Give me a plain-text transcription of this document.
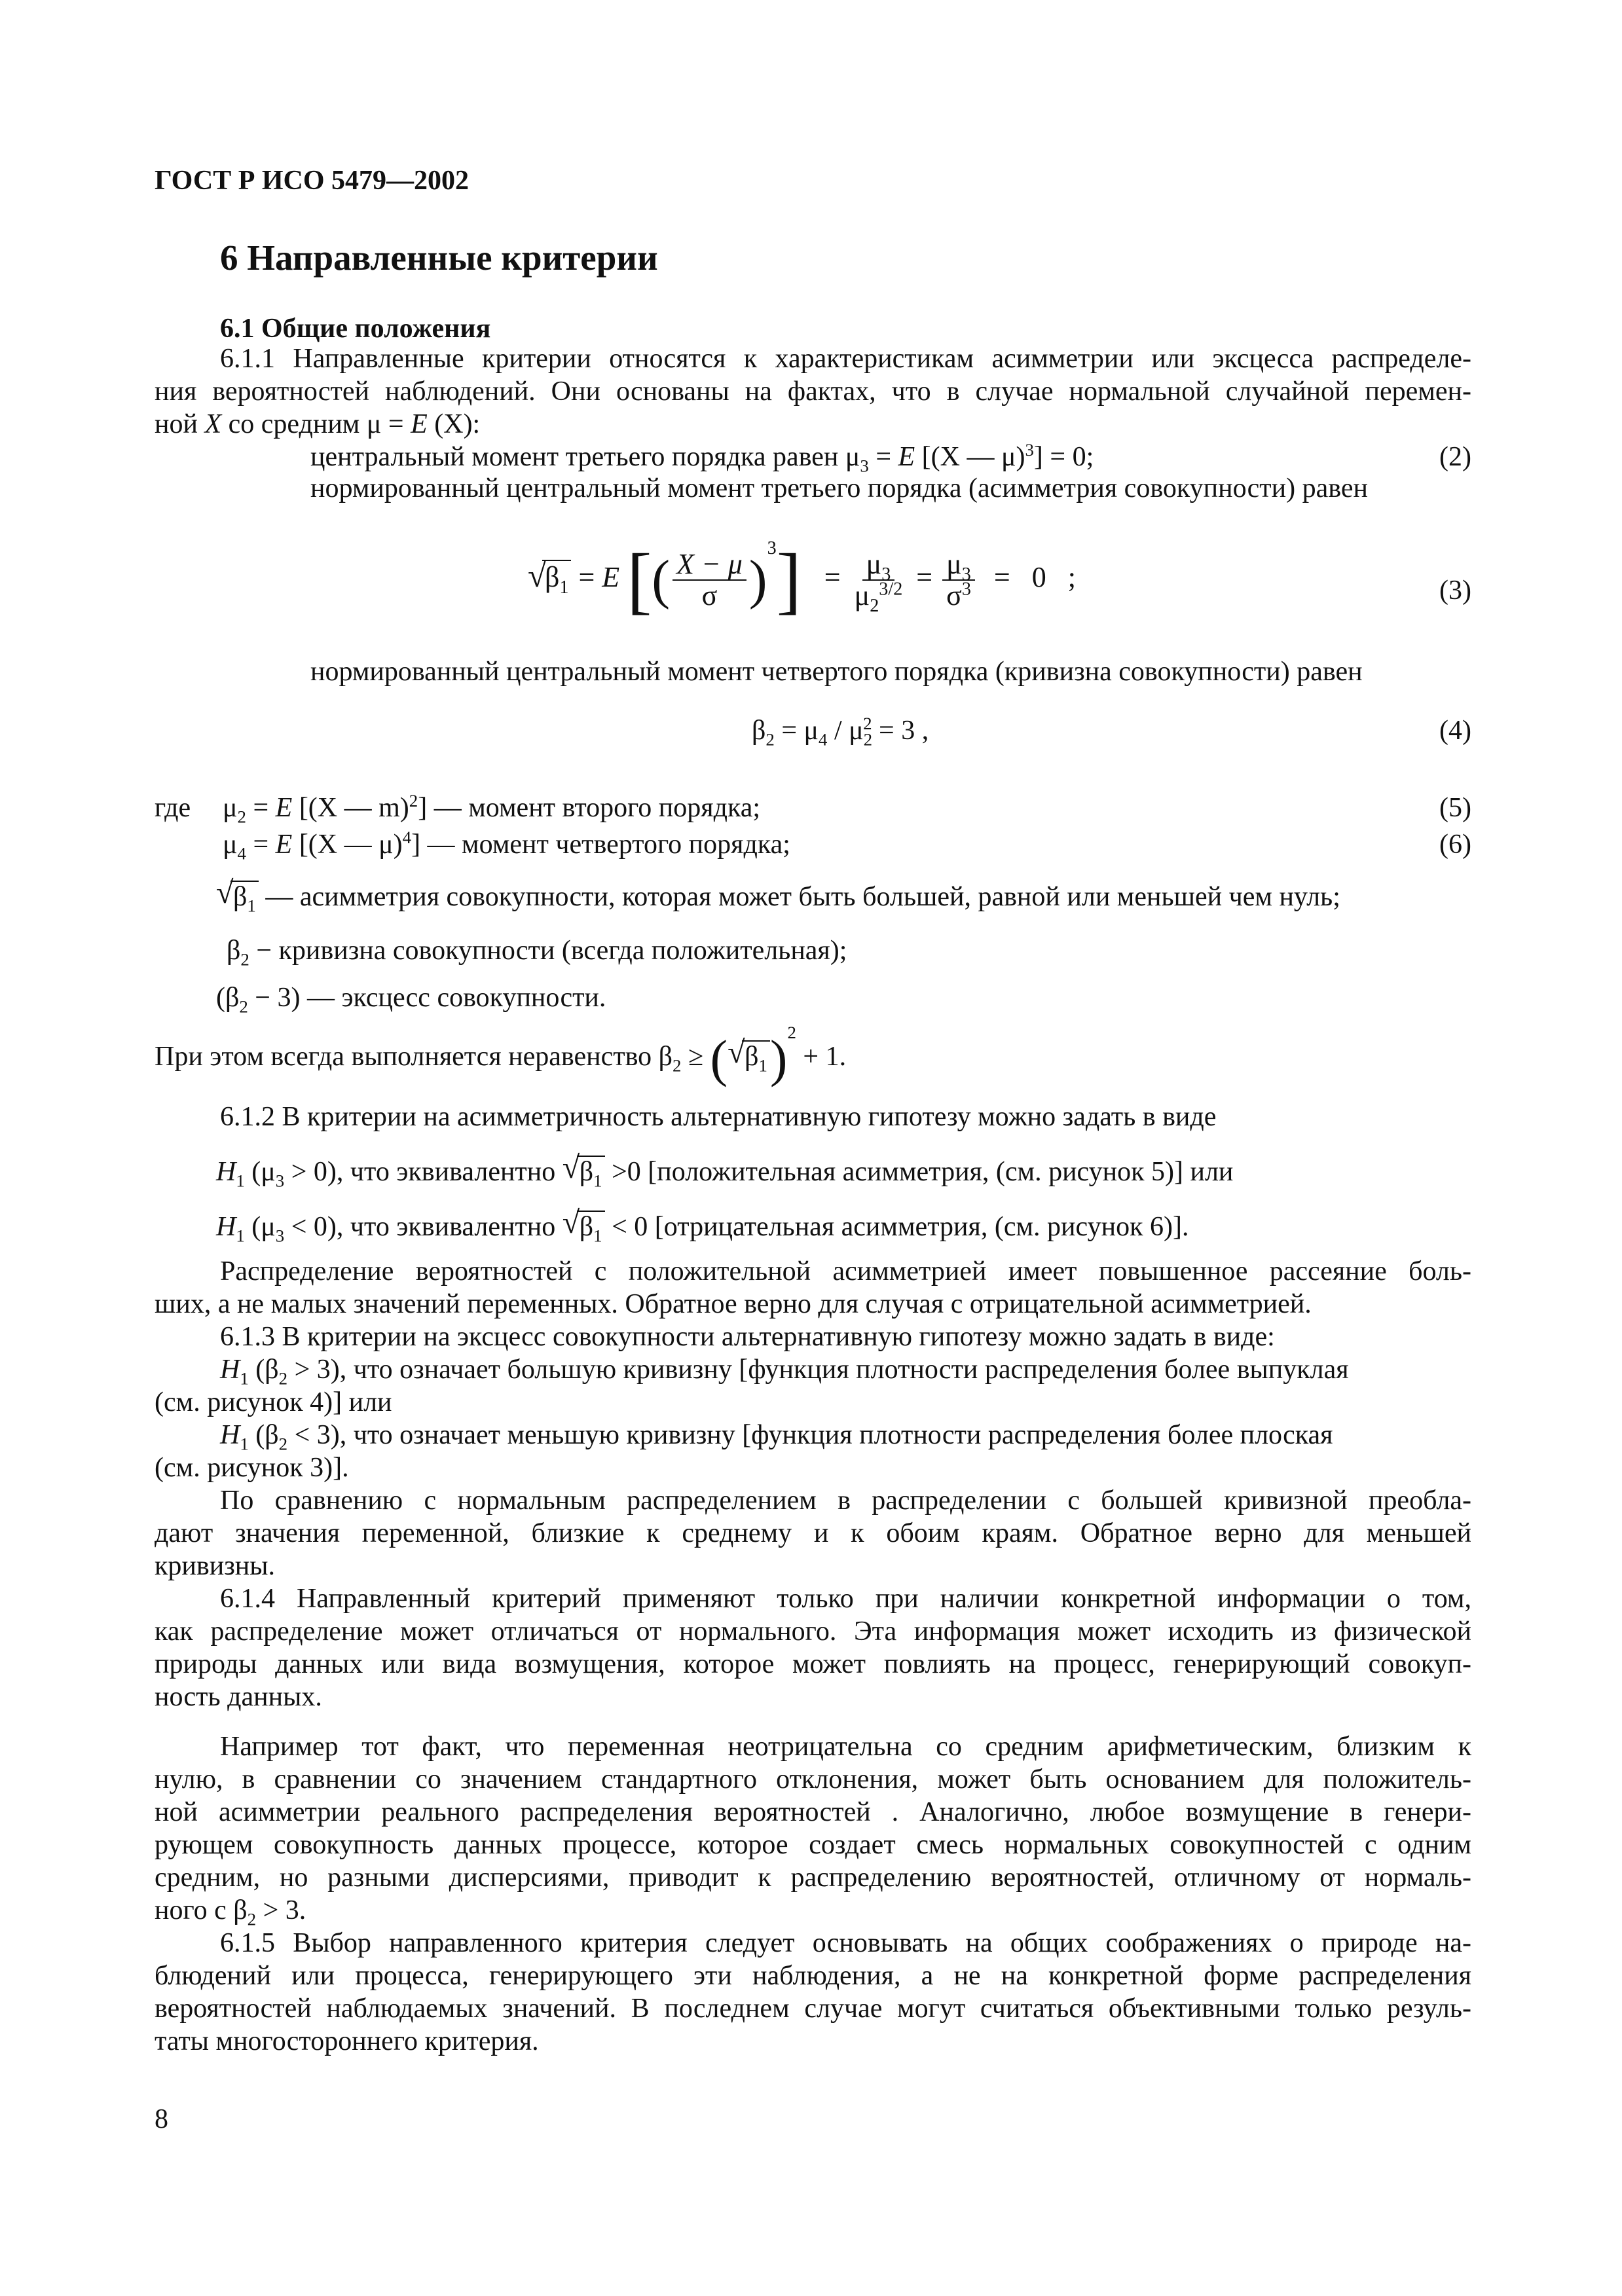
ГОСТ Р ИСО 5479—2002
6 Направленные критерии
6.1 Общие положения
6.1.1 Направленные критерии относятся к характеристикам асимметрии или эксцесса распределе-
ния вероятностей наблюдений. Они основаны на фактах, что в случае нормальной случайной перемен-
ной X со средним μ = E (X):
центральный момент третьего порядка равен $\mu_3 = E$ [(X — μ)$^3$] = 0;	(2)
нормированный центральный момент третьего порядка (асимметрия совокупности) равен
√
$\beta_1 = E$ [( $\frac{X - \mu}{\sigma} )^3] = \frac{\mu_3}{\mu_2^{3/2}} = \frac{\mu_3}{\sigma^3} = 0$ ;	(3)
нормированный центральный момент четвертого порядка (кривизна совокупности) равен
$\beta_2 = \mu_4 / \mu_2^2 = 3$ ,	(4)
где $\mu_2 = E$ [(X — m)$^2$] — момент второго порядка;	(5)
$\mu_4 = E$ [(X — μ)$^4$] — момент четвертого порядка;	(6)
√ $\beta_1$ — асимметрия совокупности, которая может быть большей, равной или меньшей чем нуль;
$\beta_2$ − кривизна совокупности (всегда положительная);
$(\beta_2 - 3)$ — эксцесс совокупности.
При этом всегда выполняется неравенство $\beta_2$ ≥ ( √ $\beta_1)^2 + 1$.
6.1.2 В критерии на асимметричность альтернативную гипотезу можно задать в виде
$H_1$ $(\mu_3 > 0)$, что эквивалентно √ $\beta_1 >0$ [положительная асимметрия, (см. рисунок 5)] или
$H_1$ $(\mu_3 < 0)$, что эквивалентно √ $\beta_1 < 0$ [отрицательная асимметрия, (см. рисунок 6)].
Распределение вероятностей с положительной асимметрией имеет повышенное рассеяние боль-
ших, а не малых значений переменных. Обратное верно для случая с отрицательной асимметрией.
6.1.3 В критерии на эксцесс совокупности альтернативную гипотезу можно задать в виде:
$H_1$ $(\beta_2 > 3)$, что означает большую кривизну [функция плотности распределения более выпуклая
(см. рисунок 4)] или
$H_1$ $(\beta_2 < 3)$, что означает меньшую кривизну [функция плотности распределения более плоская
(см. рисунок 3)].
По сравнению с нормальным распределением в распределении с большей кривизной преобла-
дают значения переменной, близкие к среднему и к обоим краям. Обратное верно для меньшей
кривизны.
6.1.4 Направленный критерий применяют только при наличии конкретной информации о том,
как распределение может отличаться от нормального. Эта информация может исходить из физической
природы данных или вида возмущения, которое может повлиять на процесс, генерирующий совокуп-
ность данных.
Например тот факт, что переменная неотрицательна со средним арифметическим, близким к
нулю, в сравнении со значением стандартного отклонения, может быть основанием для положитель-
ной асимметрии реального распределения вероятностей . Аналогично, любое возмущение в генери-
рующем совокупность данных процессе, которое создает смесь нормальных совокупностей с одним
средним, но разными дисперсиями, приводит к распределению вероятностей, отличному от нормаль-
ного с $\beta_2 > 3$.
6.1.5 Выбор направленного критерия следует основывать на общих соображениях о природе на-
блюдений или процесса, генерирующего эти наблюдения, а не на конкретной форме распределения
вероятностей наблюдаемых значений. В последнем случае могут считаться объективными только резуль-
таты многостороннего критерия.
8
